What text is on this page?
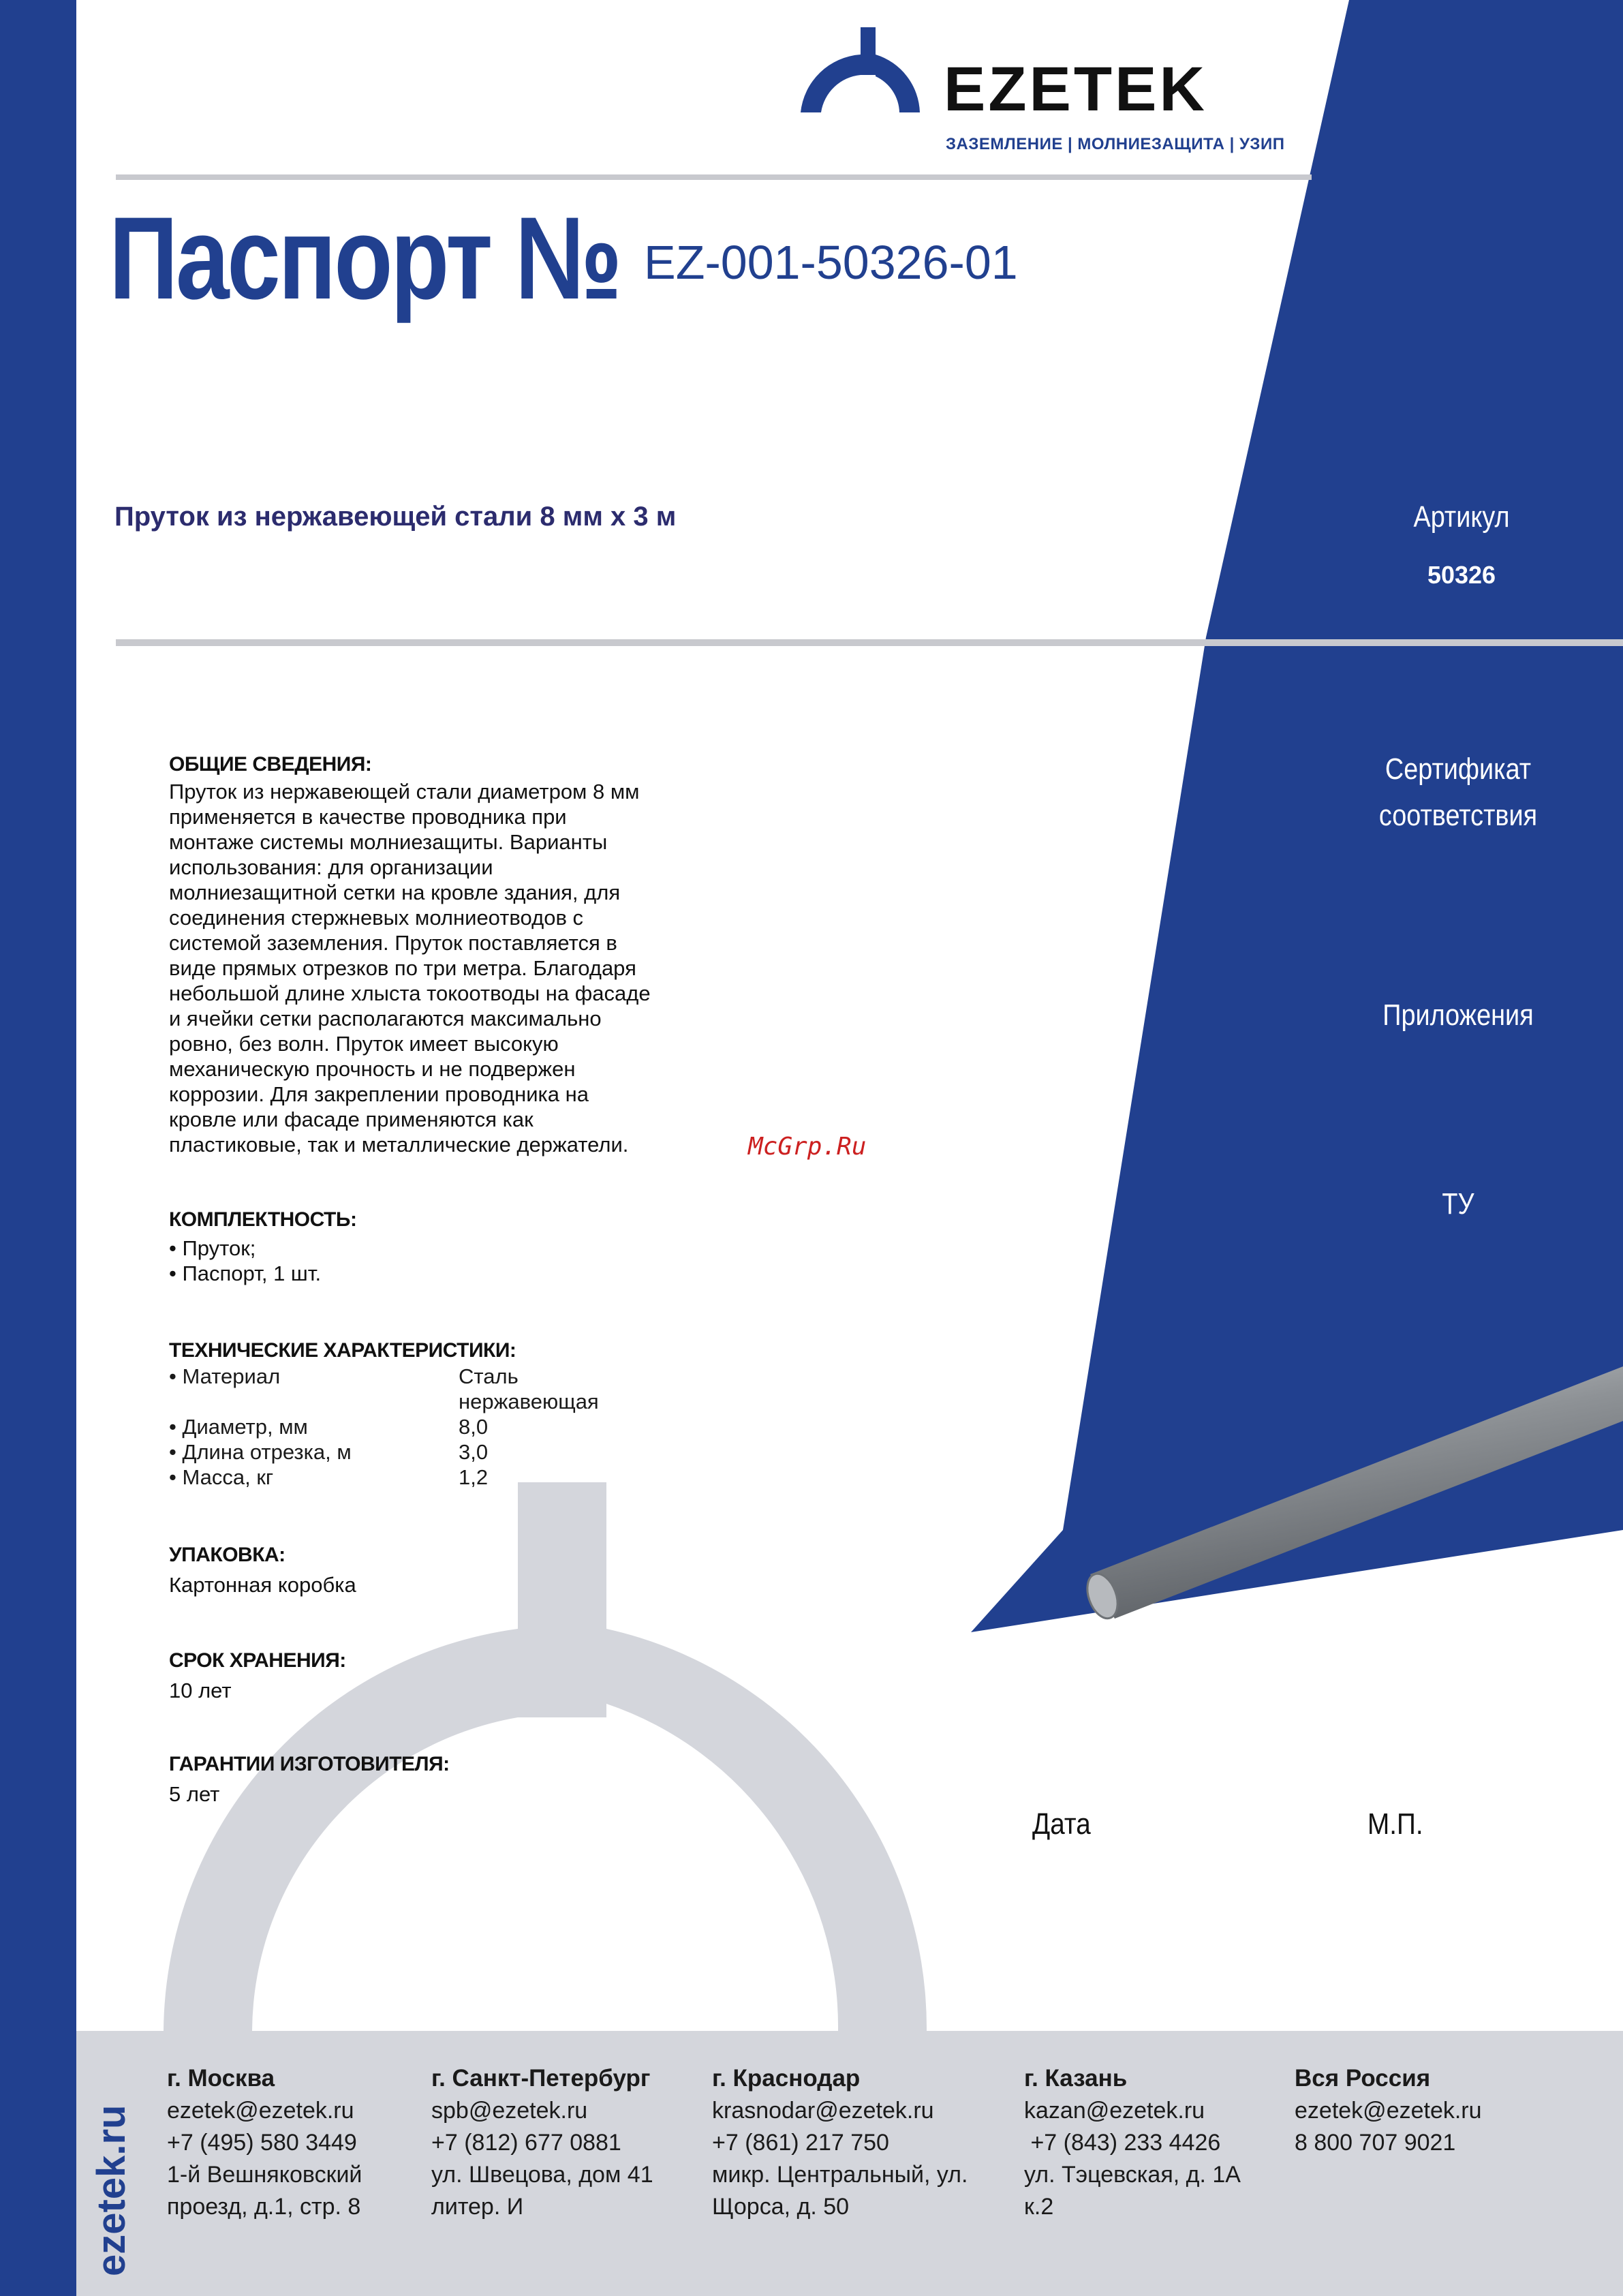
EZETEK
ЗАЗЕМЛЕНИЕ | МОЛНИЕЗАЩИТА | УЗИП
Паспорт № EZ-001-50326-01
Пруток из нержавеющей стали 8 мм x 3 м	Артикул
50326
Сертификат
соответствия
Приложения
ТУ
ОБЩИЕ СВЕДЕНИЯ:
Пруток из нержавеющей стали диаметром 8 мм
применяется в качестве проводника при
монтаже системы молниезащиты. Варианты
использования: для организации
молниезащитной сетки на кровле здания, для
соединения стержневых молниеотводов с
системой заземления. Пруток поставляется в
виде прямых отрезков по три метра. Благодаря
небольшой длине хлыста токоотводы на фасаде
и ячейки сетки располагаются максимально
ровно, без волн. Пруток имеет высокую
механическую прочность и не подвержен
коррозии. Для закреплении проводника на
кровле или фасаде применяются как
пластиковые, так и металлические держатели.	McGrp.Ru
КОМПЛЕКТНОСТЬ:
• Пруток;
• Паспорт, 1 шт.
ТЕХНИЧЕСКИЕ ХАРАКТЕРИСТИКИ:
• Материал	Сталь
нержавеющая
• Диаметр, мм	8,0
• Длина отрезка, м	3,0
• Масса, кг	1,2
УПАКОВКА:
Картонная коробка
СРОК ХРАНЕНИЯ:
10 лет
ГАРАНТИИ ИЗГОТОВИТЕЛЯ:
5 лет
Дата	М.П.
ezetek.ru
г. Москва
ezetek@ezetek.ru
+7 (495) 580 3449
1-й Вешняковский
проезд, д.1, стр. 8
г. Санкт-Петербург
spb@ezetek.ru
+7 (812) 677 0881
ул. Швецова, дом 41
литер. И
г. Краснодар
krasnodar@ezetek.ru
+7 (861) 217 750
микр. Центральный, ул.
Щорса, д. 50
г. Казань
kazan@ezetek.ru
+7 (843) 233 4426
ул. Тэцевская, д. 1А
к.2
Вся Россия
ezetek@ezetek.ru
8 800 707 9021
